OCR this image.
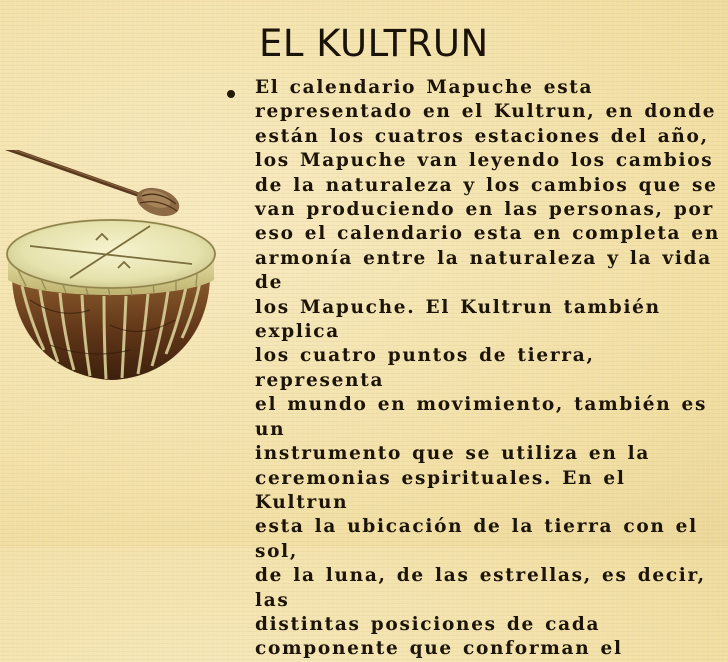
EL KULTRUN

El calendario Mapuche esta
representado en el Kultrun, en donde
están los cuatros estaciones del año,
los Mapuche van leyendo los cambios
de la naturaleza y los cambios que se
van produciendo en las personas, por
eso el calendario esta en completa en
armonía entre la naturaleza y la vida de
los Mapuche. El Kultrun también explica
los cuatro puntos de tierra, representa
el mundo en movimiento, también es un
instrumento que se utiliza en la
ceremonias espirituales. En el Kultrun
esta la ubicación de la tierra con el sol,
de la luna, de las estrellas, es decir, las
distintas posiciones de cada
componente que conforman el
